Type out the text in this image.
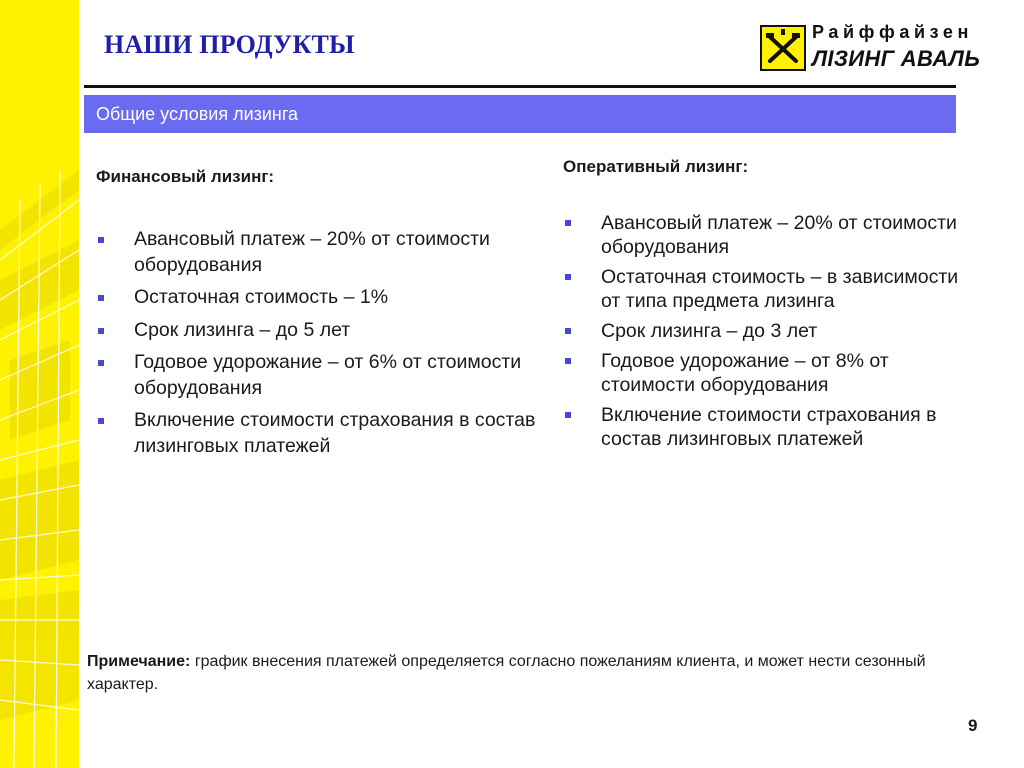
НАШИ ПРОДУКТЫ	Райффайзен
ЛІЗИНГ АВАЛЬ
Общие условия лизинга
Финансовый лизинг:
Авансовый платеж – 20% от стоимости оборудования
Остаточная стоимость – 1%
Срок лизинга – до 5 лет
Годовое удорожание – от 6% от стоимости оборудования
Включение стоимости страхования в состав лизинговых платежей
Оперативный лизинг:
Авансовый платеж – 20% от стоимости оборудования
Остаточная стоимость – в зависимости от типа предмета лизинга
Срок лизинга – до 3 лет
Годовое удорожание – от 8% от стоимости оборудования
Включение стоимости страхования в состав лизинговых платежей
Примечание: график внесения платежей определяется согласно пожеланиям клиента, и может нести сезонный характер.
9
